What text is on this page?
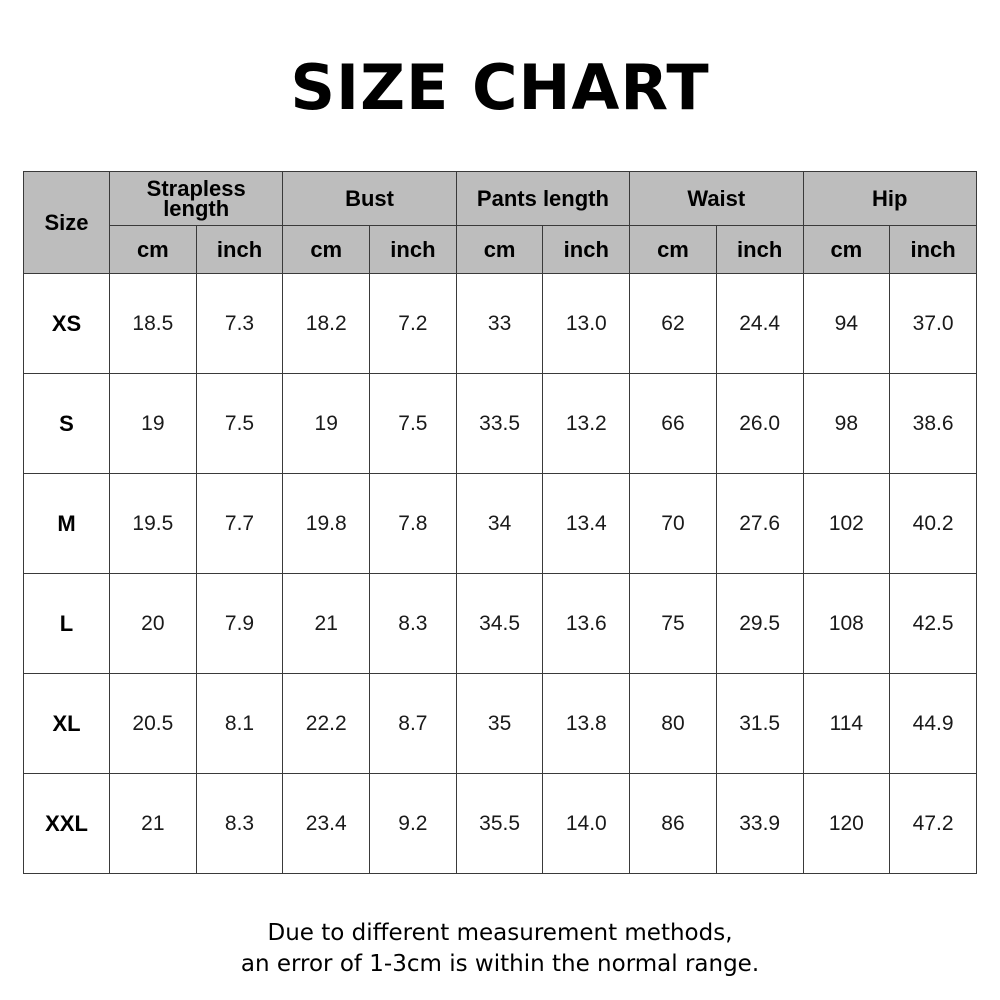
SIZE CHART
Size	Strapless length		Bust		Pants length		Waist		Hip	
	cm	inch	cm	inch	cm	inch	cm	inch	cm	inch
XS	18.5	7.3	18.2	7.2	33	13.0	62	24.4	94	37.0
S	19	7.5	19	7.5	33.5	13.2	66	26.0	98	38.6
M	19.5	7.7	19.8	7.8	34	13.4	70	27.6	102	40.2
L	20	7.9	21	8.3	34.5	13.6	75	29.5	108	42.5
XL	20.5	8.1	22.2	8.7	35	13.8	80	31.5	114	44.9
XXL	21	8.3	23.4	9.2	35.5	14.0	86	33.9	120	47.2
Due to different measurement methods,
an error of 1-3cm is within the normal range.
